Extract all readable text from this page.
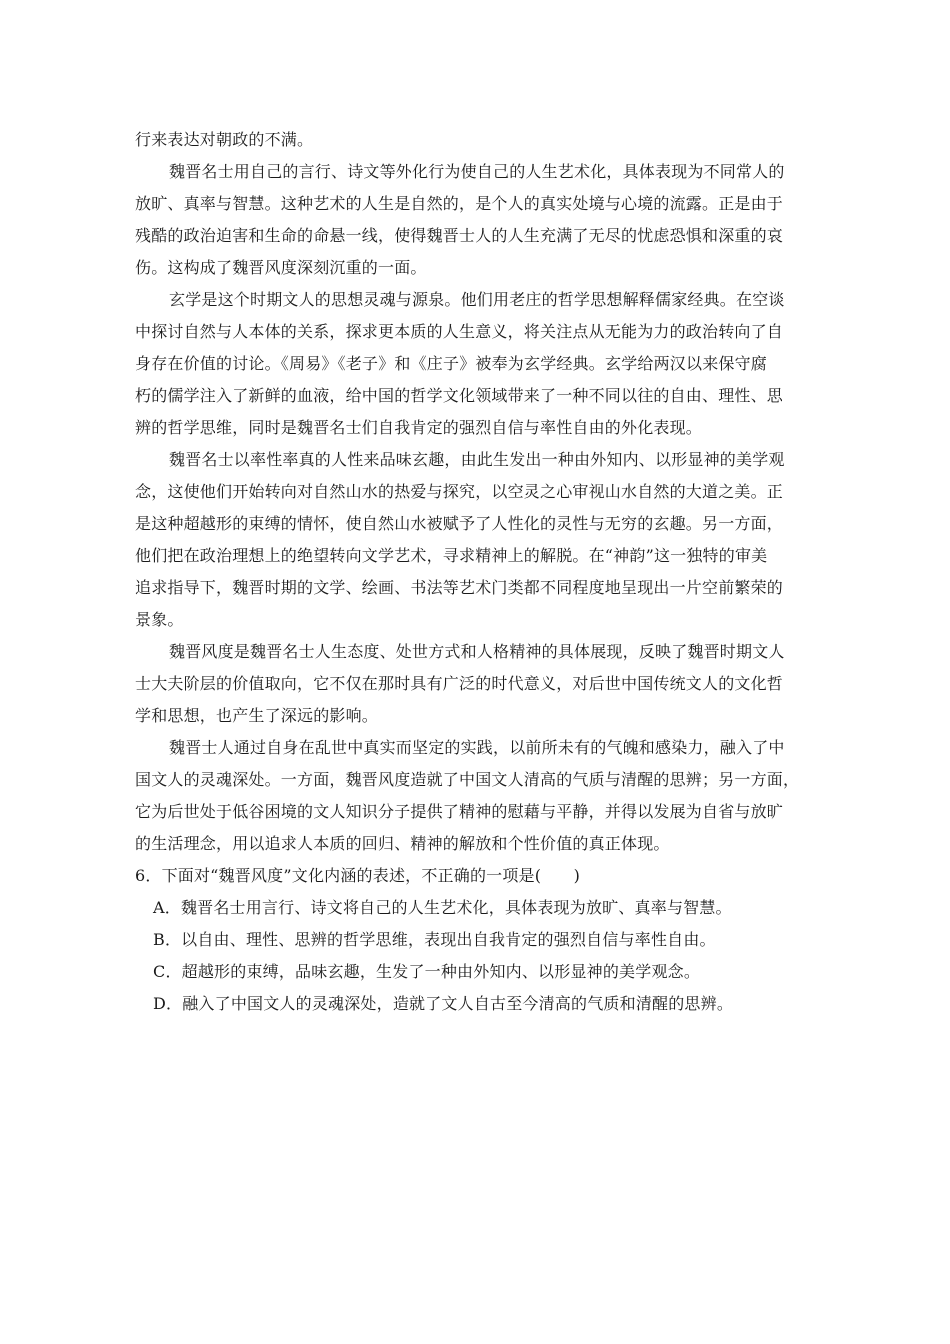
行来表达对朝政的不满。
魏晋名士用自己的言行、诗文等外化行为使自己的人生艺术化，具体表现为不同常人的
放旷、真率与智慧。这种艺术的人生是自然的，是个人的真实处境与心境的流露。正是由于
残酷的政治迫害和生命的命悬一线，使得魏晋士人的人生充满了无尽的忧虑恐惧和深重的哀
伤。这构成了魏晋风度深刻沉重的一面。
玄学是这个时期文人的思想灵魂与源泉。他们用老庄的哲学思想解释儒家经典。在空谈
中探讨自然与人本体的关系，探求更本质的人生意义，将关注点从无能为力的政治转向了自
身存在价值的讨论。《周易》《老子》和《庄子》被奉为玄学经典。玄学给两汉以来保守腐
朽的儒学注入了新鲜的血液，给中国的哲学文化领域带来了一种不同以往的自由、理性、思
辨的哲学思维，同时是魏晋名士们自我肯定的强烈自信与率性自由的外化表现。
魏晋名士以率性率真的人性来品味玄趣，由此生发出一种由外知内、以形显神的美学观
念，这使他们开始转向对自然山水的热爱与探究，以空灵之心审视山水自然的大道之美。正
是这种超越形的束缚的情怀，使自然山水被赋予了人性化的灵性与无穷的玄趣。另一方面，
他们把在政治理想上的绝望转向文学艺术，寻求精神上的解脱。在“神韵”这一独特的审美
追求指导下，魏晋时期的文学、绘画、书法等艺术门类都不同程度地呈现出一片空前繁荣的
景象。
魏晋风度是魏晋名士人生态度、处世方式和人格精神的具体展现，反映了魏晋时期文人
士大夫阶层的价值取向，它不仅在那时具有广泛的时代意义，对后世中国传统文人的文化哲
学和思想，也产生了深远的影响。
魏晋士人通过自身在乱世中真实而坚定的实践，以前所未有的气魄和感染力，融入了中
国文人的灵魂深处。一方面，魏晋风度造就了中国文人清高的气质与清醒的思辨；另一方面，
它为后世处于低谷困境的文人知识分子提供了精神的慰藉与平静，并得以发展为自省与放旷
的生活理念，用以追求人本质的回归、精神的解放和个性价值的真正体现。
6．下面对“魏晋风度”文化内涵的表述，不正确的一项是(　　)
A．魏晋名士用言行、诗文将自己的人生艺术化，具体表现为放旷、真率与智慧。
B．以自由、理性、思辨的哲学思维，表现出自我肯定的强烈自信与率性自由。
C．超越形的束缚，品味玄趣，生发了一种由外知内、以形显神的美学观念。
D．融入了中国文人的灵魂深处，造就了文人自古至今清高的气质和清醒的思辨。
